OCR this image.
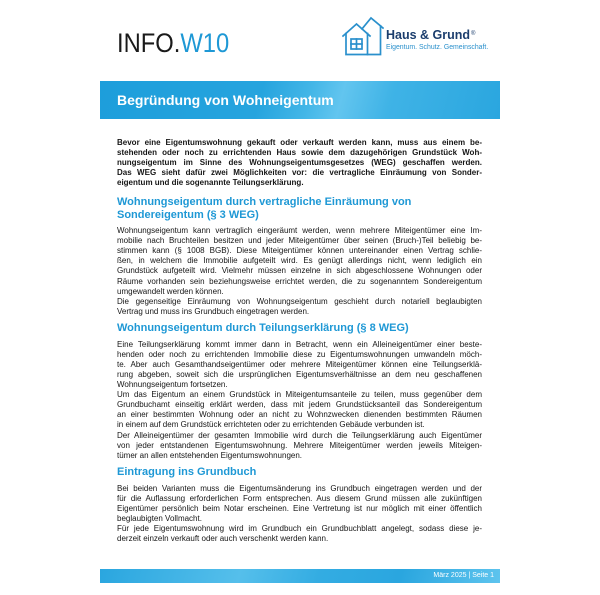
INFO.W10	Haus & Grund®
Eigentum. Schutz. Gemeinschaft.
Begründung von Wohneigentum
Bevor eine Eigentumswohnung gekauft oder verkauft werden kann, muss aus einem be-
stehenden oder noch zu errichtenden Haus sowie dem dazugehörigen Grundstück Woh-
nungseigentum im Sinne des Wohnungseigentumsgesetzes (WEG) geschaffen werden.
Das WEG sieht dafür zwei Möglichkeiten vor: die vertragliche Einräumung von Sonder-
eigentum und die sogenannte Teilungserklärung.
Wohnungseigentum durch vertragliche Einräumung von
Sondereigentum (§ 3 WEG)
Wohnungseigentum kann vertraglich eingeräumt werden, wenn mehrere Miteigentümer eine Im-
mobilie nach Bruchteilen besitzen und jeder Miteigentümer über seinen (Bruch-)Teil beliebig be-
stimmen kann (§ 1008 BGB). Diese Miteigentümer können untereinander einen Vertrag schlie-
ßen, in welchem die Immobilie aufgeteilt wird. Es genügt allerdings nicht, wenn lediglich ein
Grundstück aufgeteilt wird. Vielmehr müssen einzelne in sich abgeschlossene Wohnungen oder
Räume vorhanden sein beziehungsweise errichtet werden, die zu sogenanntem Sondereigentum
umgewandelt werden können.
Die gegenseitige Einräumung von Wohnungseigentum geschieht durch notariell beglaubigten
Vertrag und muss ins Grundbuch eingetragen werden.
Wohnungseigentum durch Teilungserklärung (§ 8 WEG)
Eine Teilungserklärung kommt immer dann in Betracht, wenn ein Alleineigentümer einer beste-
henden oder noch zu errichtenden Immobilie diese zu Eigentumswohnungen umwandeln möch-
te. Aber auch Gesamthandseigentümer oder mehrere Miteigentümer können eine Teilungserklä-
rung abgeben, soweit sich die ursprünglichen Eigentumsverhältnisse an dem neu geschaffenen
Wohnungseigentum fortsetzen.
Um das Eigentum an einem Grundstück in Miteigentumsanteile zu teilen, muss gegenüber dem
Grundbuchamt einseitig erklärt werden, dass mit jedem Grundstücksanteil das Sondereigentum
an einer bestimmten Wohnung oder an nicht zu Wohnzwecken dienenden bestimmten Räumen
in einem auf dem Grundstück errichteten oder zu errichtenden Gebäude verbunden ist.
Der Alleineigentümer der gesamten Immobilie wird durch die Teilungserklärung auch Eigentümer
von jeder entstandenen Eigentumswohnung. Mehrere Miteigentümer werden jeweils Miteigen-
tümer an allen entstehenden Eigentumswohnungen.
Eintragung ins Grundbuch
Bei beiden Varianten muss die Eigentumsänderung ins Grundbuch eingetragen werden und der
für die Auflassung erforderlichen Form entsprechen. Aus diesem Grund müssen alle zukünftigen
Eigentümer persönlich beim Notar erscheinen. Eine Vertretung ist nur möglich mit einer öffentlich
beglaubigten Vollmacht.
Für jede Eigentumswohnung wird im Grundbuch ein Grundbuchblatt angelegt, sodass diese je-
derzeit einzeln verkauft oder auch verschenkt werden kann.
März 2025 | Seite 1
